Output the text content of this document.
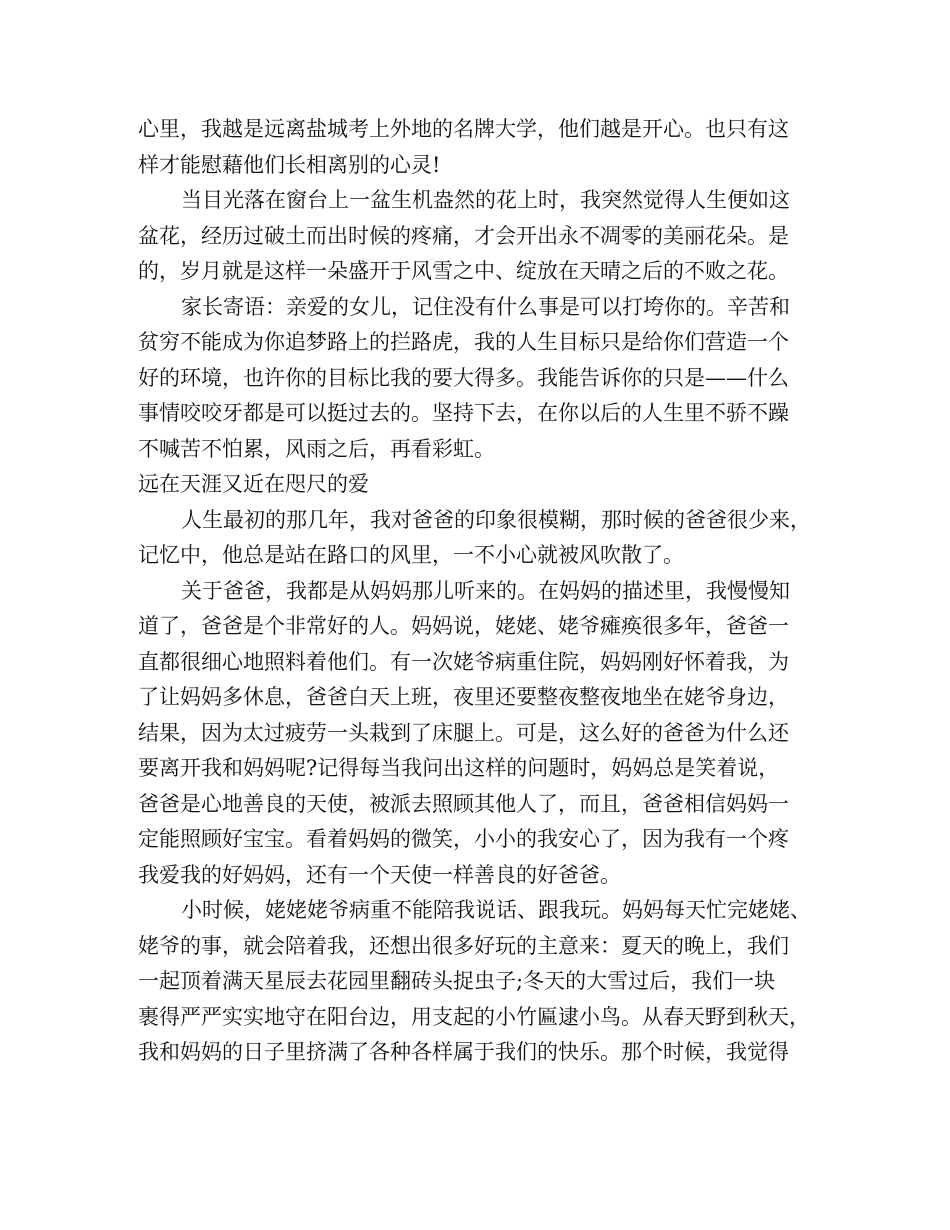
心里，我越是远离盐城考上外地的名牌大学，他们越是开心。也只有这
样才能慰藉他们长相离别的心灵!
当目光落在窗台上一盆生机盎然的花上时，我突然觉得人生便如这
盆花，经历过破土而出时候的疼痛，才会开出永不凋零的美丽花朵。是
的，岁月就是这样一朵盛开于风雪之中、绽放在天晴之后的不败之花。
家长寄语：亲爱的女儿，记住没有什么事是可以打垮你的。辛苦和
贫穷不能成为你追梦路上的拦路虎，我的人生目标只是给你们营造一个
好的环境，也许你的目标比我的要大得多。我能告诉你的只是——什么
事情咬咬牙都是可以挺过去的。坚持下去，在你以后的人生里不骄不躁
不喊苦不怕累，风雨之后，再看彩虹。
远在天涯又近在咫尺的爱
人生最初的那几年，我对爸爸的印象很模糊，那时候的爸爸很少来，
记忆中，他总是站在路口的风里，一不小心就被风吹散了。
关于爸爸，我都是从妈妈那儿听来的。在妈妈的描述里，我慢慢知
道了，爸爸是个非常好的人。妈妈说，姥姥、姥爷瘫痪很多年，爸爸一
直都很细心地照料着他们。有一次姥爷病重住院，妈妈刚好怀着我，为
了让妈妈多休息，爸爸白天上班，夜里还要整夜整夜地坐在姥爷身边，
结果，因为太过疲劳一头栽到了床腿上。可是，这么好的爸爸为什么还
要离开我和妈妈呢?记得每当我问出这样的问题时，妈妈总是笑着说，
爸爸是心地善良的天使，被派去照顾其他人了，而且，爸爸相信妈妈一
定能照顾好宝宝。看着妈妈的微笑，小小的我安心了，因为我有一个疼
我爱我的好妈妈，还有一个天使一样善良的好爸爸。
小时候，姥姥姥爷病重不能陪我说话、跟我玩。妈妈每天忙完姥姥、
姥爷的事，就会陪着我，还想出很多好玩的主意来：夏天的晚上，我们
一起顶着满天星辰去花园里翻砖头捉虫子;冬天的大雪过后，我们一块
裹得严严实实地守在阳台边，用支起的小竹匾逮小鸟。从春天野到秋天，
我和妈妈的日子里挤满了各种各样属于我们的快乐。那个时候，我觉得
